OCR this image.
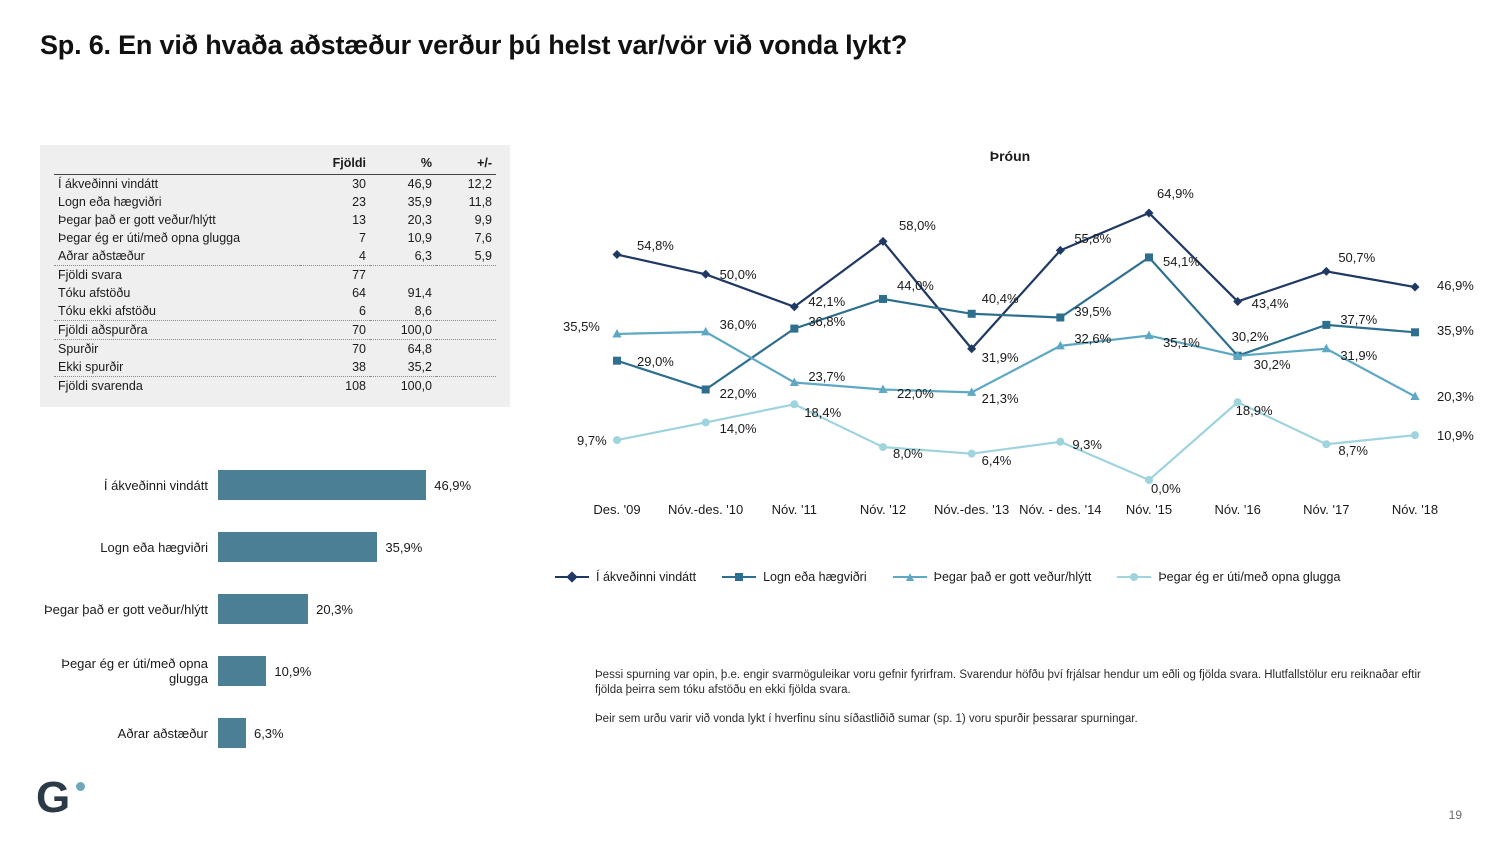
Sp. 6. En við hvaða aðstæður verður þú helst var/vör við vonda lykt?
	Fjöldi	%	+/-
Í ákveðinni vindátt	30	46,9	12,2
Logn eða hægviðri	23	35,9	11,8
Þegar það er gott veður/hlýtt	13	20,3	9,9
Þegar ég er úti/með opna glugga	7	10,9	7,6
Aðrar aðstæður	4	6,3	5,9
Fjöldi svara	77		
Tóku afstöðu	64	91,4	
Tóku ekki afstöðu	6	8,6	
Fjöldi aðspurðra	70	100,0	
Spurðir	70	64,8	
Ekki spurðir	38	35,2	
Fjöldi svarenda	108	100,0	
Í ákveðinni vindátt	46,9%
Logn eða hægviðri	35,9%
Þegar það er gott veður/hlýtt	20,3%
Þegar ég er úti/með opna glugga	10,9%
Aðrar aðstæður	6,3%
Þróun
54,8%
50,0%
42,1%
58,0%
31,9%
55,8%
64,9%
43,4%
50,7%
46,9%
29,0%
22,0%
36,8%
44,0%
40,4%
39,5%
54,1%
30,2%
37,7%
35,9%
35,5%	36,0%
23,7%
22,0%	21,3%
32,6%	35,1% 30,2%
31,9%
20,3%
9,7%
14,0%
18,4%
8,0%	6,4%
9,3%
0,0%
18,9%
8,7%
10,9%
Des. '09	Nóv.-des. '10	Nóv. '11	Nóv. '12	Nóv.-des. '13 Nóv. - des. '14	Nóv. '15	Nóv. '16	Nóv. '17	Nóv. '18
Í ákveðinni vindátt	Logn eða hægviðri	Þegar það er gott veður/hlýtt	Þegar ég er úti/með opna glugga

Þessi spurning var opin, þ.e. engir svarmöguleikar voru gefnir fyrirfram. Svarendur höfðu því frjálsar hendur um eðli og fjölda svara. Hlutfallstölur eru reiknaðar eftir fjölda þeirra sem tóku afstöðu en ekki fjölda svara.

Þeir sem urðu varir við vonda lykt í hverfinu sínu síðastliðið sumar (sp. 1) voru spurðir þessarar spurningar.

G	19
